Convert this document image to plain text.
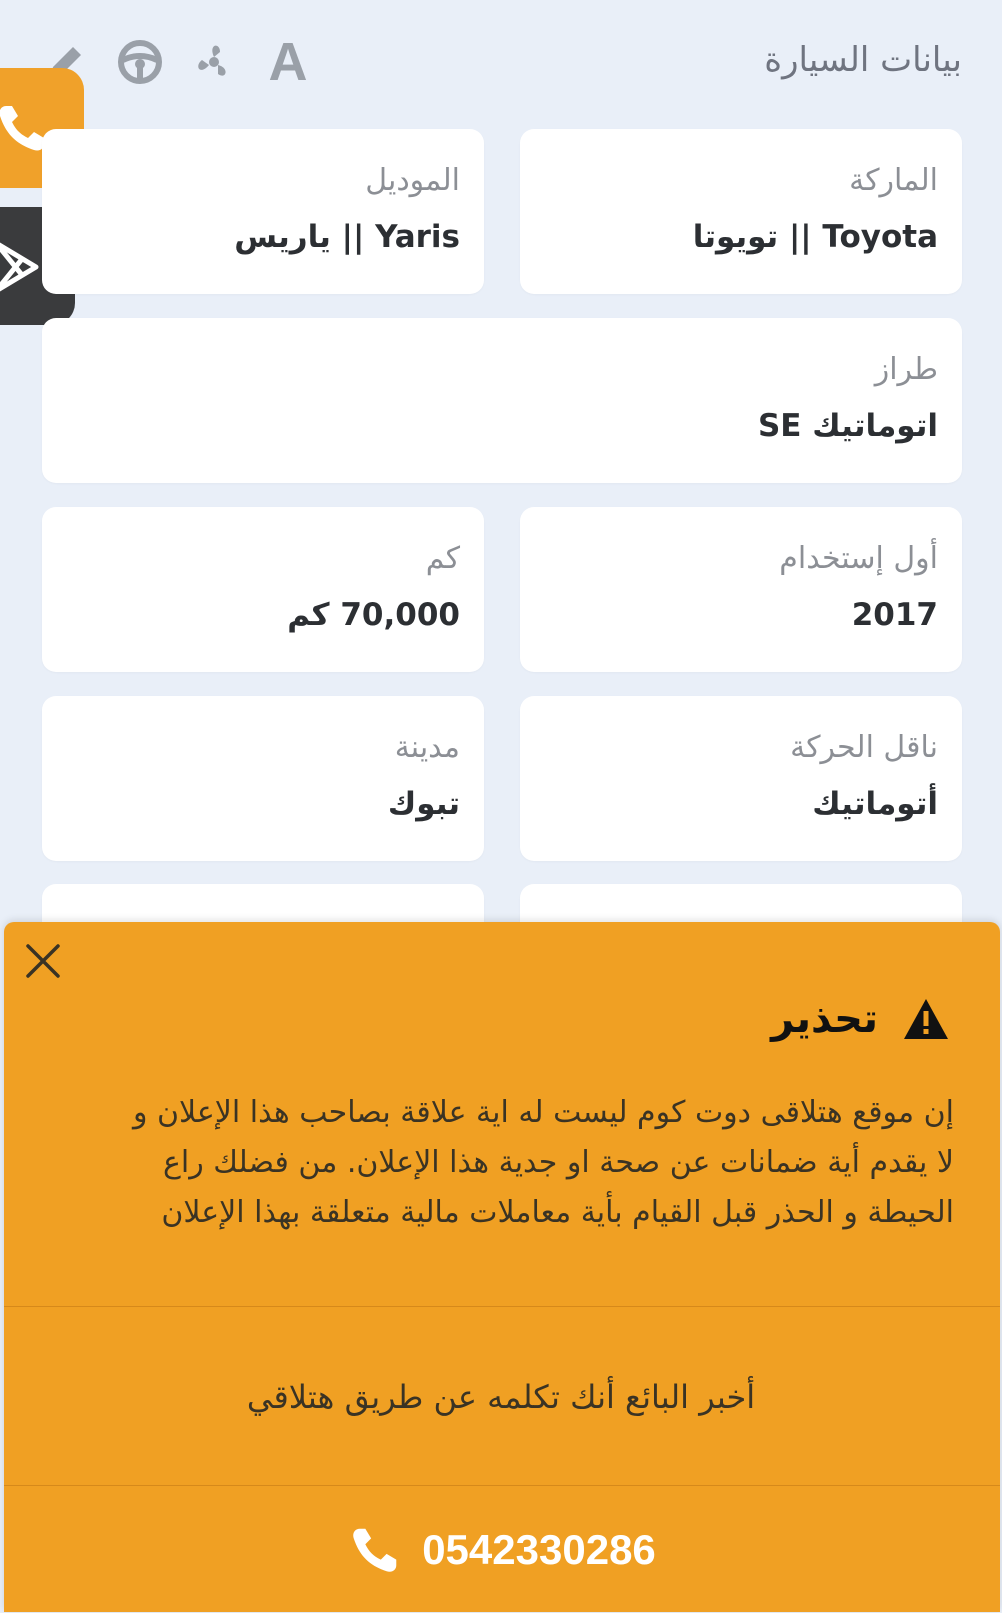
A	بيانات السيارة
الماركة
Toyota || تويوتا
الموديل
Yaris || ياريس
طراز
اتوماتيك SE
أول إستخدام
2017
كم
70,000 كم
ناقل الحركة
أتوماتيك
مدينة
تبوك
تحذير
إن موقع هتلاقى دوت كوم ليست له اية علاقة بصاحب هذا الإعلان و
لا يقدم أية ضمانات عن صحة او جدية هذا الإعلان. من فضلك راع
الحيطة و الحذر قبل القيام بأية معاملات مالية متعلقة بهذا الإعلان
أخبر البائع أنك تكلمه عن طريق هتلاقي
0542330286
